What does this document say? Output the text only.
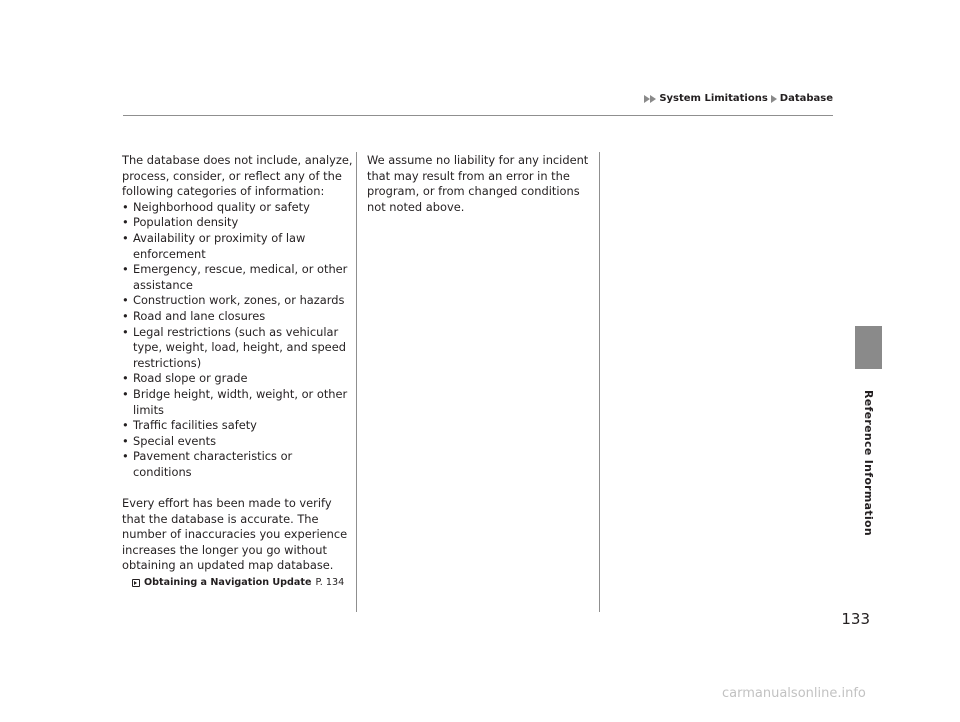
System Limitations Database

The database does not include, analyze, process, consider, or reflect any of the following categories of information:

• Neighborhood quality or safety
• Population density
• Availability or proximity of law enforcement
• Emergency, rescue, medical, or other assistance
• Construction work, zones, or hazards
• Road and lane closures
• Legal restrictions (such as vehicular type, weight, load, height, and speed restrictions)
• Road slope or grade
• Bridge height, width, weight, or other limits
• Traffic facilities safety
• Special events
• Pavement characteristics or conditions

Every effort has been made to verify that the database is accurate. The number of inaccuracies you experience increases the longer you go without obtaining an updated map database.

Obtaining a Navigation Update P. 134

We assume no liability for any incident that may result from an error in the program, or from changed conditions not noted above.

Reference Information
133
carmanualsonline.info
